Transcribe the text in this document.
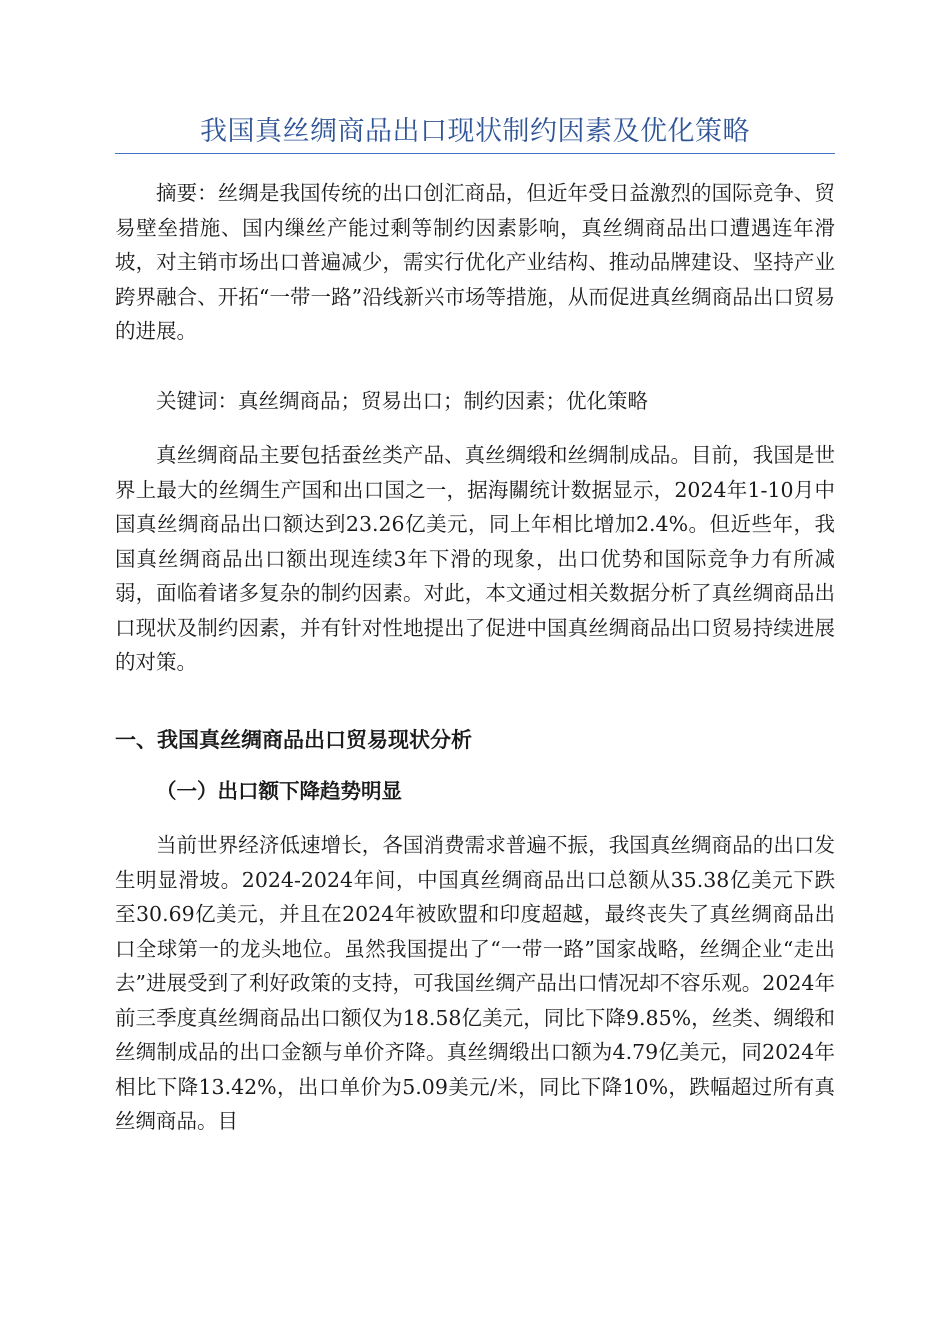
我国真丝绸商品出口现状制约因素及优化策略

摘要：丝绸是我国传统的出口创汇商品，但近年受日益激烈的国际竞争、贸易壁垒措施、国内缫丝产能过剩等制约因素影响，真丝绸商品出口遭遇连年滑坡，对主销市场出口普遍减少，需实行优化产业结构、推动品牌建设、坚持产业跨界融合、开拓“一带一路”沿线新兴市场等措施，从而促进真丝绸商品出口贸易的进展。

关键词：真丝绸商品；贸易出口；制约因素；优化策略

真丝绸商品主要包括蚕丝类产品、真丝绸缎和丝绸制成品。目前，我国是世界上最大的丝绸生产国和出口国之一，据海關统计数据显示，2024年1-10月中国真丝绸商品出口额达到23.26亿美元，同上年相比增加2.4%。但近些年，我国真丝绸商品出口额出现连续3年下滑的现象，出口优势和国际竞争力有所减弱，面临着诸多复杂的制约因素。对此，本文通过相关数据分析了真丝绸商品出口现状及制约因素，并有针对性地提出了促进中国真丝绸商品出口贸易持续进展的对策。

一、我国真丝绸商品出口贸易现状分析
（一）出口额下降趋势明显

当前世界经济低速增长，各国消费需求普遍不振，我国真丝绸商品的出口发生明显滑坡。2024-2024年间，中国真丝绸商品出口总额从35.38亿美元下跌至30.69亿美元，并且在2024年被欧盟和印度超越，最终丧失了真丝绸商品出口全球第一的龙头地位。虽然我国提出了“一带一路”国家战略，丝绸企业“走出去”进展受到了利好政策的支持，可我国丝绸产品出口情况却不容乐观。2024年前三季度真丝绸商品出口额仅为18.58亿美元，同比下降9.85%，丝类、绸缎和丝绸制成品的出口金额与单价齐降。真丝绸缎出口额为4.79亿美元，同2024年相比下降13.42%，出口单价为5.09美元/米，同比下降10%，跌幅超过所有真丝绸商品。目
